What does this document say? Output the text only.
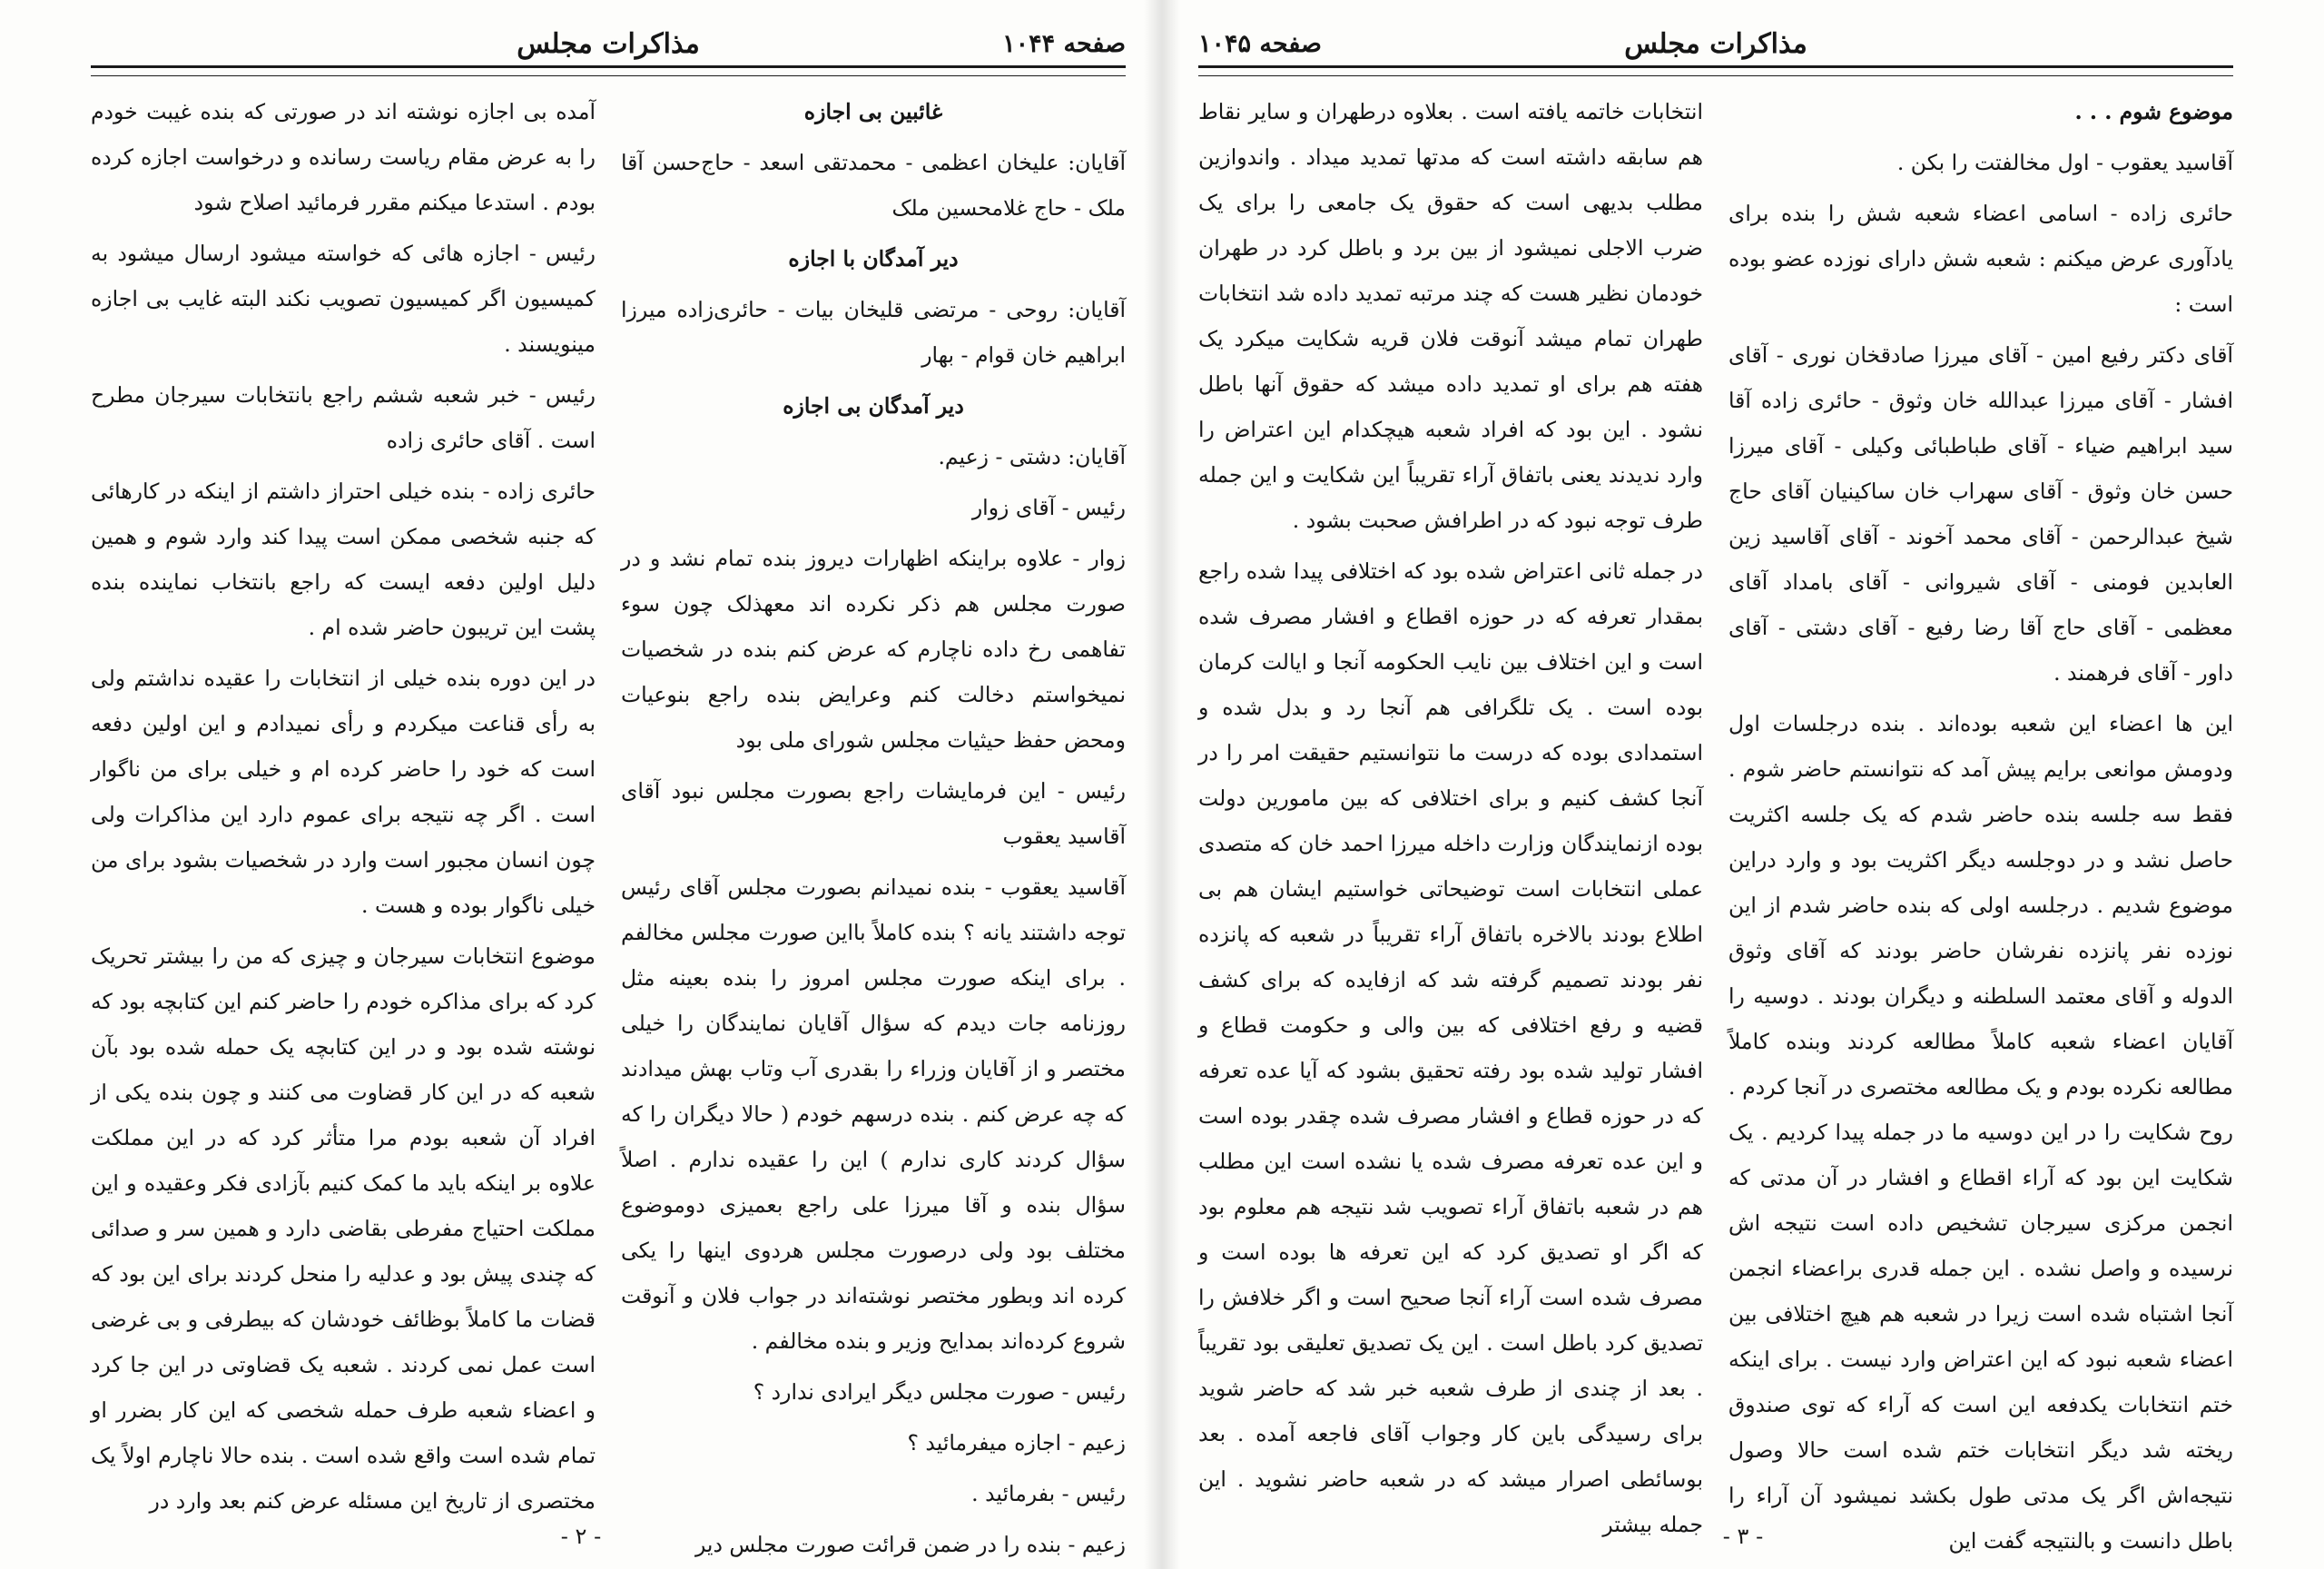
صفحه ۱۰۴۴
مذاکرات مجلس

غائبین بی اجازه

آقایان: علیخان اعظمی - محمدتقی اسعد - حاج‌حسن آقا ملک - حاج غلامحسین ملک

دیر آمدگان با اجازه

آقایان: روحی - مرتضی قلیخان بیات - حائری‌زاده میرزا ابراهیم خان قوام - بهار

دیر آمدگان بی اجازه

آقایان: دشتی - زعیم.

رئیس - آقای زوار

زوار - علاوه براینکه اظهارات دیروز بنده تمام نشد و در صورت مجلس هم ذکر نکرده اند معهذلک چون سوء تفاهمی رخ داده ناچارم که عرض کنم بنده در شخصیات نمیخواستم دخالت کنم وعرایض بنده راجع بنوعیات ومحض حفظ حیثیات مجلس شورای ملی بود

رئیس - این فرمایشات راجع بصورت مجلس نبود آقای آقاسید یعقوب

آقاسید یعقوب - بنده نمیدانم بصورت مجلس آقای رئیس توجه داشتند یانه ؟ بنده کاملاً بااین صورت مجلس مخالفم . برای اینکه صورت مجلس امروز را بنده بعینه مثل روزنامه جات دیدم که سؤال آقایان نمایندگان را خیلی مختصر و از آقایان وزراء را بقدری آب وتاب بهش میدادند که چه عرض کنم . بنده درسهم خودم ( حالا دیگران را که سؤال کردند کاری ندارم ) این را عقیده ندارم . اصلاً سؤال بنده و آقا میرزا علی راجع بعمیزی دوموضوع مختلف بود ولی درصورت مجلس هردوی اینها را یکی کرده اند وبطور مختصر نوشته‌اند در جواب فلان و آنوقت شروع کرده‌اند بمدایح وزیر و بنده مخالفم .

رئیس - صورت مجلس دیگر ایرادی ندارد ؟

زعیم - اجازه میفرمائید ؟

رئیس - بفرمائید .

زعیم - بنده را در ضمن قرائت صورت مجلس دیر

آمده بی اجازه نوشته اند در صورتی که بنده غیبت خودم را به عرض مقام ریاست رسانده و درخواست اجازه کرده بودم . استدعا میکنم مقرر فرمائید اصلاح شود

رئیس - اجازه هائی که خواسته میشود ارسال میشود به کمیسیون اگر کمیسیون تصویب نکند البته غایب بی اجازه مینویسند .

رئیس - خبر شعبه ششم راجع بانتخابات سیرجان مطرح است . آقای حائری زاده

حائری زاده - بنده خیلی احتراز داشتم از اینکه در کارهائی که جنبه شخصی ممکن است پیدا کند وارد شوم و همین دلیل اولین دفعه ایست که راجع بانتخاب نماینده بنده پشت این تریبون حاضر شده ام .

در این دوره بنده خیلی از انتخابات را عقیده نداشتم ولی به رأی قناعت میکردم و رأی نمیدادم و این اولین دفعه است که خود را حاضر کرده ام و خیلی برای من ناگوار است . اگر چه نتیجه برای عموم دارد این مذاکرات ولی چون انسان مجبور است وارد در شخصیات بشود برای من خیلی ناگوار بوده و هست .

موضوع انتخابات سیرجان و چیزی که من را بیشتر تحریک کرد که برای مذاکره خودم را حاضر کنم این کتابچه بود که نوشته شده بود و در این کتابچه یک حمله شده بود بآن شعبه که در این کار قضاوت می کنند و چون بنده یکی از افراد آن شعبه بودم مرا متأثر کرد که در این مملکت علاوه بر اینکه باید ما کمک کنیم بآزادی فکر وعقیده و این مملکت احتیاج مفرطی بقاضی دارد و همین سر و صدائی که چندی پیش بود و عدلیه را منحل کردند برای این بود که قضات ما کاملاً بوظائف خودشان که بیطرفی و بی غرضی است عمل نمی کردند . شعبه یک قضاوتی در این جا کرد و اعضاء شعبه طرف حمله شخصی که این کار بضرر او تمام شده است واقع شده است . بنده حالا ناچارم اولاً یک مختصری از تاریخ این مسئله عرض کنم بعد وارد در

- ۲ -
مذاکرات مجلس
صفحه ۱۰۴۵

موضوع شوم . . .

آقاسید یعقوب - اول مخالفتت را بکن .

حائری زاده - اسامی اعضاء شعبه شش را بنده برای یادآوری عرض میکنم : شعبه شش دارای نوزده عضو بوده است :

آقای دکتر رفیع امین - آقای میرزا صادقخان نوری - آقای افشار - آقای میرزا عبدالله خان وثوق - حائری زاده آقا سید ابراهیم ضیاء - آقای طباطبائی وکیلی - آقای میرزا حسن خان وثوق - آقای سهراب خان ساکینیان آقای حاج شیخ عبدالرحمن - آقای محمد آخوند - آقای آقاسید زین العابدین فومنی - آقای شیروانی - آقای بامداد آقای معظمی - آقای حاج آقا رضا رفیع - آقای دشتی - آقای داور - آقای فرهمند .

این ها اعضاء این شعبه بوده‌اند . بنده درجلسات اول ودومش موانعی برایم پیش آمد که نتوانستم حاضر شوم . فقط سه جلسه بنده حاضر شدم که یک جلسه اکثریت حاصل نشد و در دوجلسه دیگر اکثریت بود و وارد دراین موضوع شدیم . درجلسه اولی که بنده حاضر شدم از این نوزده نفر پانزده نفرشان حاضر بودند که آقای وثوق الدوله و آقای معتمد السلطنه و دیگران بودند . دوسیه را آقایان اعضاء شعبه کاملاً مطالعه کردند وبنده کاملاً مطالعه نکرده بودم و یک مطالعه مختصری در آنجا کردم . روح شکایت را در این دوسیه ما در جمله پیدا کردیم . یک شکایت این بود که آراء اقطاع و افشار در آن مدتی که انجمن مرکزی سیرجان تشخیص داده است نتیجه اش نرسیده و واصل نشده . این جمله قدری براعضاء انجمن آنجا اشتباه شده است زیرا در شعبه هم هیچ اختلافی بین اعضاء شعبه نبود که این اعتراض وارد نیست . برای اینکه ختم انتخابات یکدفعه این است که آراء که توی صندوق ریخته شد دیگر انتخابات ختم شده است حالا وصول نتیجه‌اش اگر یک مدتی طول بکشد نمیشود آن آراء را باطل دانست و بالنتیجه گفت این

انتخابات خاتمه یافته است . بعلاوه درطهران و سایر نقاط هم سابقه داشته است که مدتها تمدید میداد . واندوازین مطلب بدیهی است که حقوق یک جامعی را برای یک ضرب الاجلی نمیشود از بین برد و باطل کرد در طهران خودمان نظیر هست که چند مرتبه تمدید داده شد انتخابات طهران تمام میشد آنوقت فلان قریه شکایت میکرد یک هفته هم برای او تمدید داده میشد که حقوق آنها باطل نشود . این بود که افراد شعبه هیچکدام این اعتراض را وارد ندیدند یعنی باتفاق آراء تقریباً این شکایت و این جمله طرف توجه نبود که در اطرافش صحبت بشود .

در جمله ثانی اعتراض شده بود که اختلافی پیدا شده راجع بمقدار تعرفه که در حوزه اقطاع و افشار مصرف شده است و این اختلاف بین نایب الحکومه آنجا و ایالت کرمان بوده است . یک تلگرافی هم آنجا رد و بدل شده و استمدادی بوده که درست ما نتوانستیم حقیقت امر را در آنجا کشف کنیم و برای اختلافی که بین مامورین دولت بوده ازنمایندگان وزارت داخله میرزا احمد خان که متصدی عملی انتخابات است توضیحاتی خواستیم ایشان هم بی اطلاع بودند بالاخره باتفاق آراء تقریباً در شعبه که پانزده نفر بودند تصمیم گرفته شد که ازفایده که برای کشف قضیه و رفع اختلافی که بین والی و حکومت قطاع و افشار تولید شده بود رفته تحقیق بشود که آیا عده تعرفه که در حوزه قطاع و افشار مصرف شده چقدر بوده است و این عده تعرفه مصرف شده یا نشده است این مطلب هم در شعبه باتفاق آراء تصویب شد نتیجه هم معلوم بود که اگر او تصدیق کرد که این تعرفه ها بوده است و مصرف شده است آراء آنجا صحیح است و اگر خلافش را تصدیق کرد باطل است . این یک تصدیق تعلیقی بود تقریباً . بعد از چندی از طرف شعبه خبر شد که حاضر شوید برای رسیدگی باین کار وجواب آقای فاجعه آمده . بعد بوسائطی اصرار میشد که در شعبه حاضر نشوید . این جمله بیشتر - ۳ -
